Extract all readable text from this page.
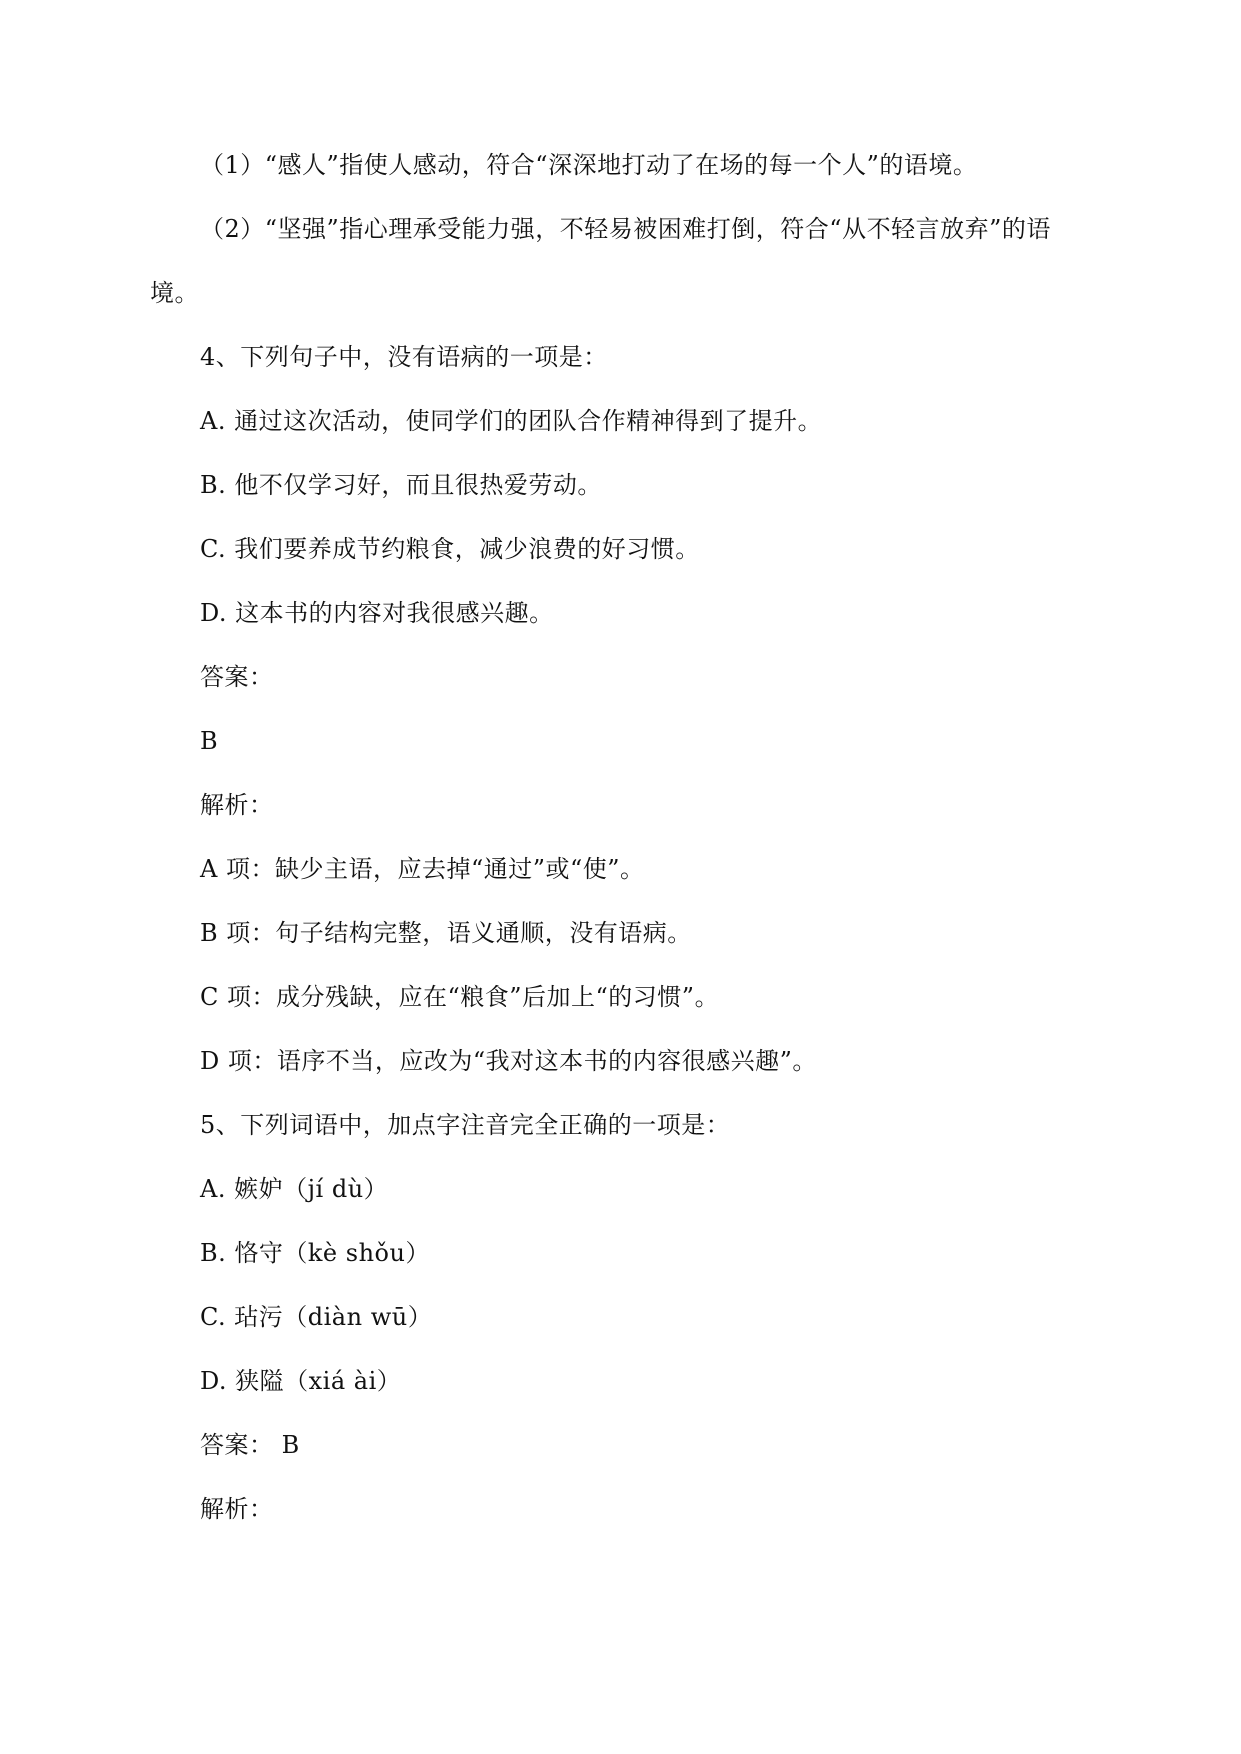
（1）“感人”指使人感动，符合“深深地打动了在场的每一个人”的语境。
（2）“坚强”指心理承受能力强，不轻易被困难打倒，符合“从不轻言放弃”的语
境。
4、下列句子中，没有语病的一项是：
A. 通过这次活动，使同学们的团队合作精神得到了提升。
B. 他不仅学习好，而且很热爱劳动。
C. 我们要养成节约粮食，减少浪费的好习惯。
D. 这本书的内容对我很感兴趣。
答案：
B
解析：
A 项：缺少主语，应去掉“通过”或“使”。
B 项：句子结构完整，语义通顺，没有语病。
C 项：成分残缺，应在“粮食”后加上“的习惯”。
D 项：语序不当，应改为“我对这本书的内容很感兴趣”。
5、下列词语中，加点字注音完全正确的一项是：
A. 嫉妒（jí dù）
B. 恪守（kè shǒu）
C. 玷污（diàn wū）
D. 狭隘（xiá ài）
答案： B
解析：
